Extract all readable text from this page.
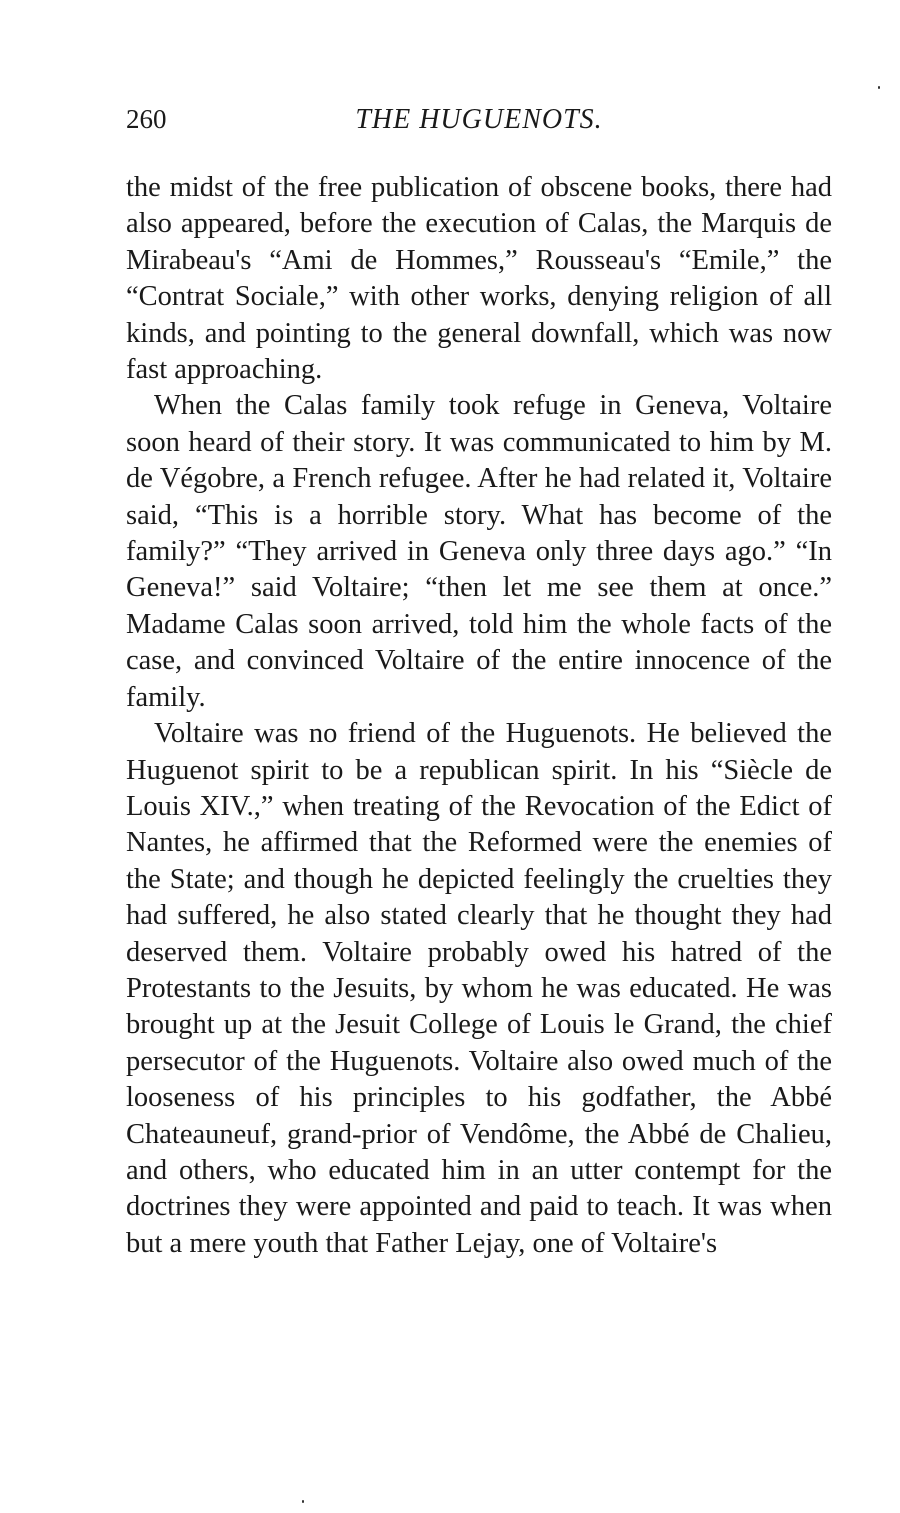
260	THE HUGUENOTS.

the midst of the free publication of obscene books, there had also appeared, before the execution of Calas, the Marquis de Mirabeau's “Ami de Hommes,” Rousseau's “Emile,” the “Contrat Sociale,” with other works, denying religion of all kinds, and pointing to the general downfall, which was now fast approaching.

When the Calas family took refuge in Geneva, Voltaire soon heard of their story. It was communicated to him by M. de Végobre, a French refugee. After he had related it, Voltaire said, “This is a horrible story. What has become of the family?” “They arrived in Geneva only three days ago.” “In Geneva!” said Voltaire; “then let me see them at once.” Madame Calas soon arrived, told him the whole facts of the case, and convinced Voltaire of the entire innocence of the family.

Voltaire was no friend of the Huguenots. He believed the Huguenot spirit to be a republican spirit. In his “Siècle de Louis XIV.,” when treating of the Revocation of the Edict of Nantes, he affirmed that the Reformed were the enemies of the State; and though he depicted feelingly the cruelties they had suffered, he also stated clearly that he thought they had deserved them. Voltaire probably owed his hatred of the Protestants to the Jesuits, by whom he was educated. He was brought up at the Jesuit College of Louis le Grand, the chief persecutor of the Huguenots. Voltaire also owed much of the looseness of his principles to his godfather, the Abbé Chateauneuf, grand-prior of Vendôme, the Abbé de Chalieu, and others, who educated him in an utter contempt for the doctrines they were appointed and paid to teach. It was when but a mere youth that Father Lejay, one of Voltaire's
